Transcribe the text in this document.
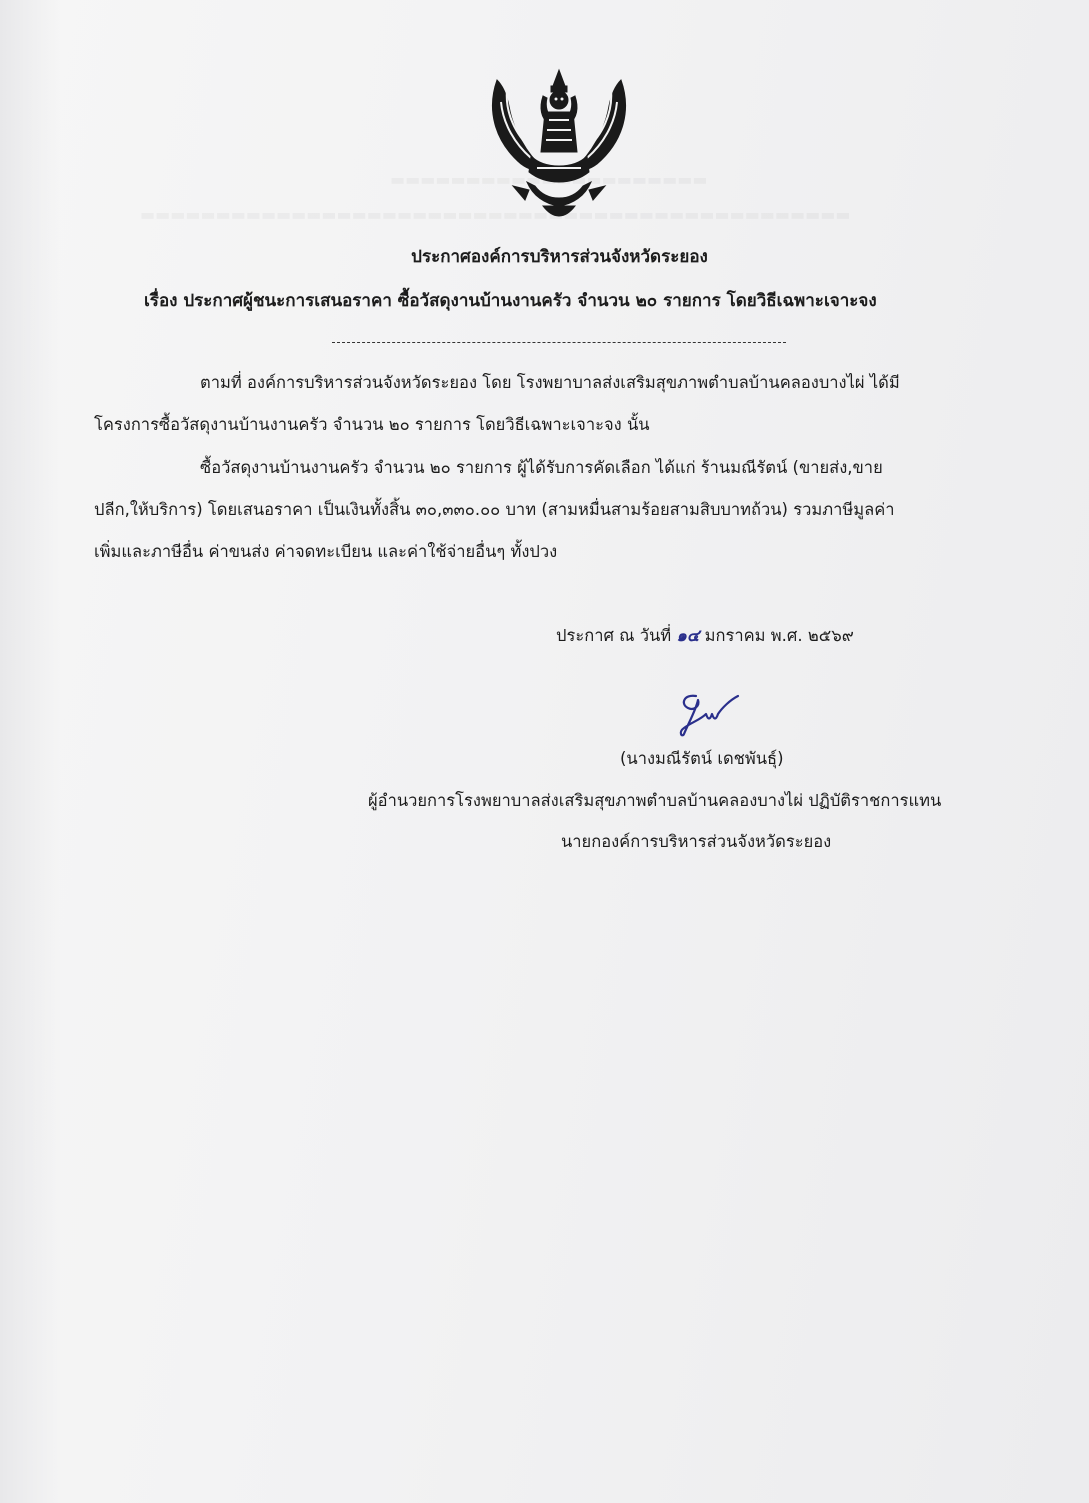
ประกาศองค์การบริหารส่วนจังหวัดระยอง
เรื่อง ประกาศผู้ชนะการเสนอราคา ซื้อวัสดุงานบ้านงานครัว จำนวน ๒๐ รายการ โดยวิธีเฉพาะเจาะจง
ตามที่ องค์การบริหารส่วนจังหวัดระยอง โดย โรงพยาบาลส่งเสริมสุขภาพตำบลบ้านคลองบางไผ่ ได้มี
โครงการซื้อวัสดุงานบ้านงานครัว จำนวน ๒๐ รายการ โดยวิธีเฉพาะเจาะจง นั้น
ซื้อวัสดุงานบ้านงานครัว จำนวน ๒๐ รายการ ผู้ได้รับการคัดเลือก ได้แก่ ร้านมณีรัตน์ (ขายส่ง,ขาย
ปลีก,ให้บริการ) โดยเสนอราคา เป็นเงินทั้งสิ้น ๓๐,๓๓๐.๐๐ บาท (สามหมื่นสามร้อยสามสิบบาทถ้วน) รวมภาษีมูลค่า
เพิ่มและภาษีอื่น ค่าขนส่ง ค่าจดทะเบียน และค่าใช้จ่ายอื่นๆ ทั้งปวง
ประกาศ ณ วันที่ ๑๔ มกราคม พ.ศ. ๒๕๖๙
(นางมณีรัตน์ เดชพันธุ์)
ผู้อำนวยการโรงพยาบาลส่งเสริมสุขภาพตำบลบ้านคลองบางไผ่ ปฏิบัติราชการแทน
นายกองค์การบริหารส่วนจังหวัดระยอง
